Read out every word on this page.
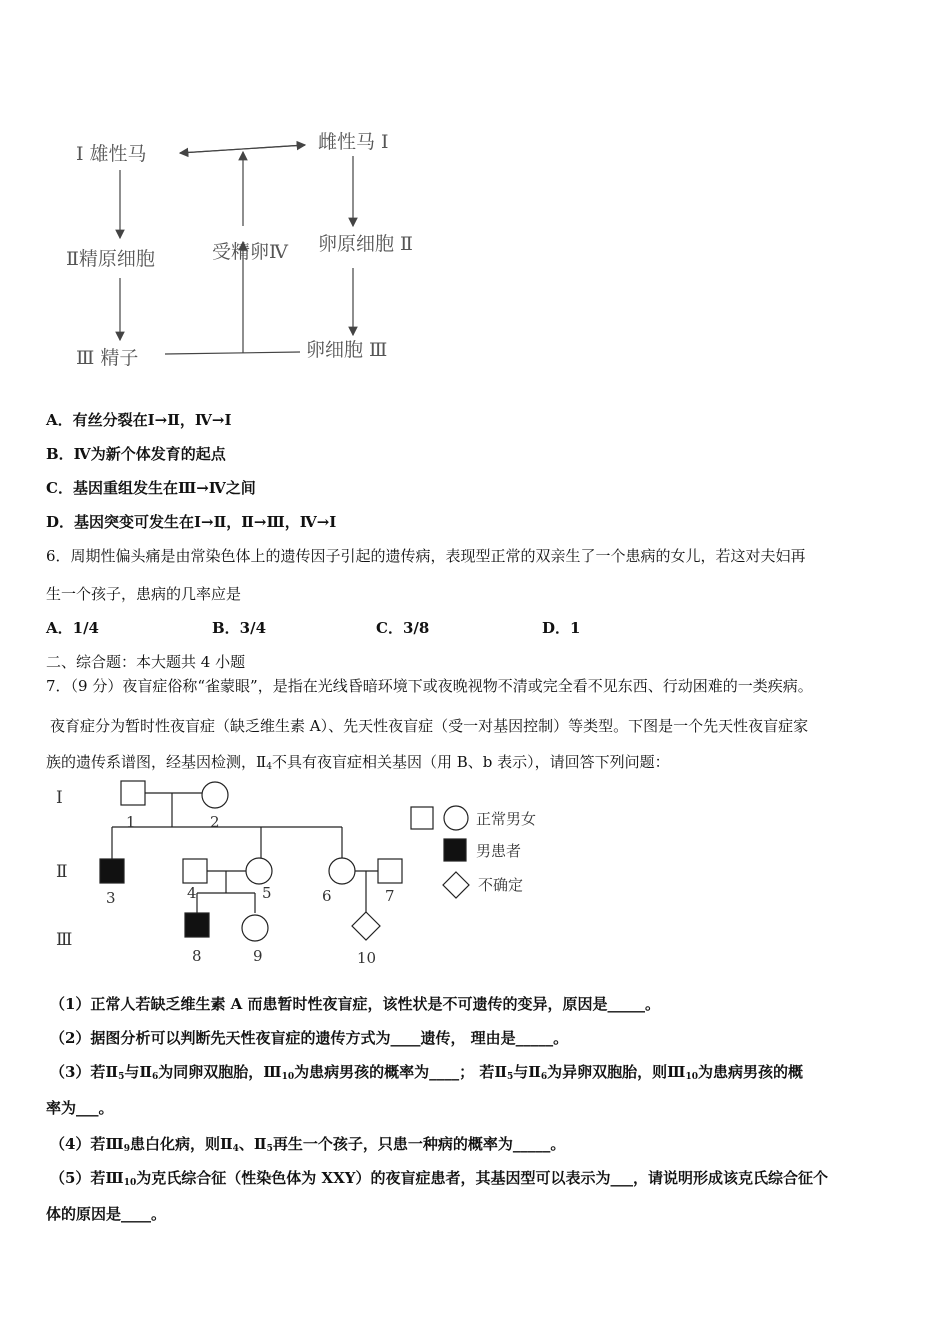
Ⅰ 雄性马
雌性马 Ⅰ
Ⅱ精原细胞	受精卵Ⅳ 卵原细胞 Ⅱ
Ⅲ 精子	卵细胞 Ⅲ
A．有丝分裂在Ⅰ→Ⅱ，Ⅳ→Ⅰ
B．Ⅳ为新个体发育的起点
C．基因重组发生在Ⅲ→Ⅳ之间
D．基因突变可发生在Ⅰ→Ⅱ，Ⅱ→Ⅲ，Ⅳ→Ⅰ
6．周期性偏头痛是由常染色体上的遗传因子引起的遗传病，表现型正常的双亲生了一个患病的女儿，若这对夫妇再
生一个孩子，患病的几率应是
A．1/4	B．3/4	C．3/8	D．1
二、综合题：本大题共 4 小题
7．（9 分）夜盲症俗称“雀蒙眼”，是指在光线昏暗环境下或夜晚视物不清或完全看不见东西、行动困难的一类疾病。
夜育症分为暂时性夜盲症（缺乏维生素 A）、先天性夜盲症（受一对基因控制）等类型。下图是一个先天性夜盲症家
族的遗传系谱图，经基因检测，$Ⅱ_4$不具有夜盲症相关基因（用 B、b 表示），请回答下列问题：
Ⅰ
Ⅱ
Ⅲ
1	2
3	4	5	6	7
8	9	10
正常男女
男患者
不确定
（1）正常人若缺乏维生素 A 而患暂时性夜盲症，该性状是不可遗传的变异，原因是_____。
（2）据图分析可以判断先天性夜盲症的遗传方式为____遗传， 理由是_____。
（3）若$Ⅱ_5$与$Ⅱ_6$为同卵双胞胎，$Ⅲ_{10}$为患病男孩的概率为____； 若$Ⅱ_5$与$Ⅱ_6$为异卵双胞胎，则$Ⅲ_{10}$为患病男孩的概
率为___。
（4）若$Ⅲ_9$患白化病，则$Ⅱ_4$、$Ⅱ_5$再生一个孩子，只患一种病的概率为_____。
（5）若$Ⅲ_{10}$为克氏综合征（性染色体为 XXY）的夜盲症患者，其基因型可以表示为___，请说明形成该克氏综合征个
体的原因是____。
